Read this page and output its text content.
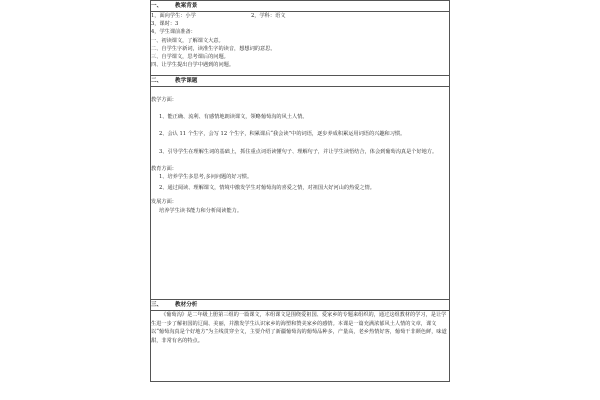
一、 教案背景

1，面向学生：小学	2，学科：语文
3，课时：3
4，学生课前准备：
一、初读课文，了解课文大意。
二、自学生字新词，读准生字的读音，想想词的意思。
三、自学课文，思考课后的问题。
四、让学生提出自学中遇到的问题。

二、 教学课题

教学方面：
1、能正确、流利、有感情地朗读课文，领略葡萄沟的风土人情。
2、会认 11 个生字，会写 12 个生字，积累课后“我会读”中的词语，逐步养成积累运用词语的兴趣和习惯。
3、引导学生在理解生词的基础上，抓住重点词语读懂句子、理解句子，并让学生读悟结合，体会到葡萄沟真是个好地方。
教育方面：
1、培养学生多思考,多问问题的好习惯。
2、通过阅读、理解课文，情境中激发学生对葡萄沟的喜爱之情，对祖国大好河山的热爱之情。
发展方面：
培养学生读书能力和分析阅读能力。

三、 教材分析

《葡萄沟》是二年级上册第三组的一篇课文，本组课文是围绕爱祖国、爱家乡的专题来组织的，通过这组教材的学习，是让学生进一步了解祖国的辽阔、美丽，并激发学生认识家乡的海塑和赞美家乡的感情。本课是一篇充满浓郁风土人情的文章，课文以“葡萄沟真是个好地方”为主线贯穿全文，主要介绍了新疆葡萄沟的葡萄品种多，产量高，老乡热情好客，葡萄干非颜色鲜，味道甜，非常有名的特点。
